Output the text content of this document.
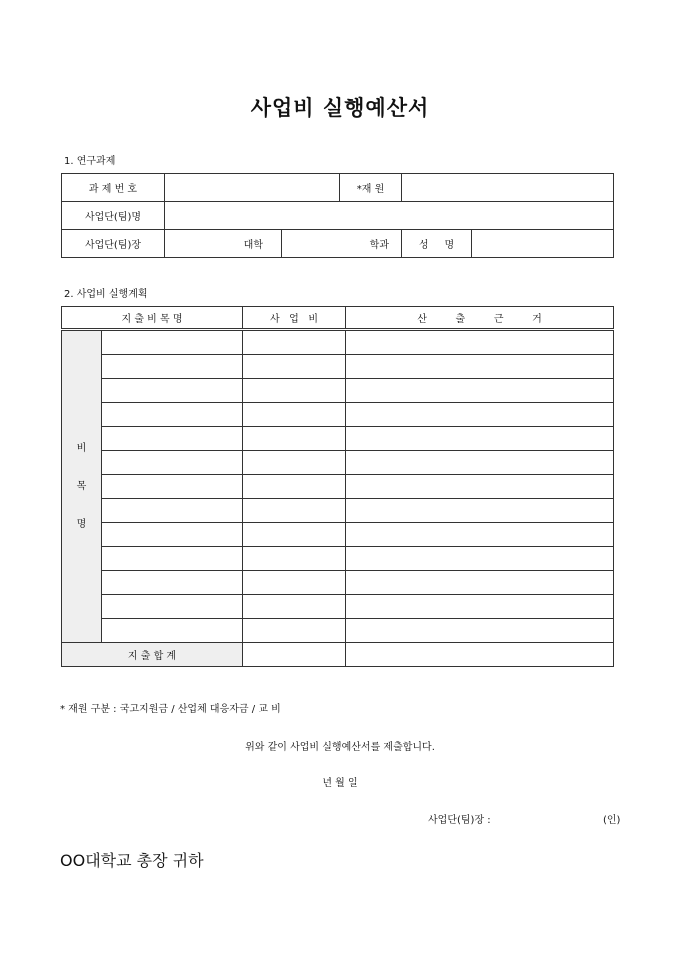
사업비 실행예산서
1. 연구과제
과 제 번 호			*재 원		
사업단(팀)명					
사업단(팀)장	대학	학과		성     명	
2. 사업비 실행계획
지 출 비 목 명		사   업   비	산         출         근         거

비
목
명			

지 출 합 계			
* 재원 구분 : 국고지원금 / 산업체 대응자금 / 교 비
위와 같이 사업비 실행예산서를 제출합니다.
년 월 일
사업단(팀)장 :	(인)
OO대학교 총장 귀하
